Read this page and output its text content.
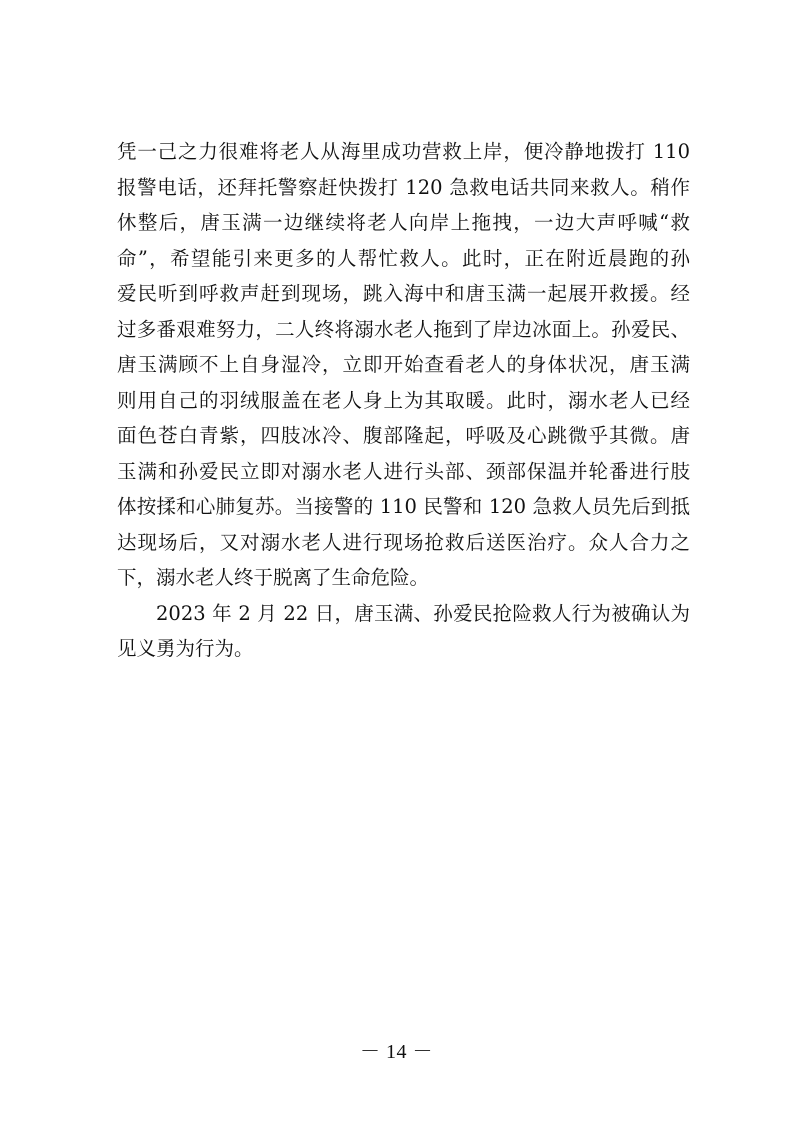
凭一己之力很难将老人从海里成功营救上岸，便冷静地拨打 110
报警电话，还拜托警察赶快拨打 120 急救电话共同来救人。稍作
休整后，唐玉满一边继续将老人向岸上拖拽，一边大声呼喊“救
命”，希望能引来更多的人帮忙救人。此时，正在附近晨跑的孙
爱民听到呼救声赶到现场，跳入海中和唐玉满一起展开救援。经
过多番艰难努力，二人终将溺水老人拖到了岸边冰面上。孙爱民、
唐玉满顾不上自身湿冷，立即开始查看老人的身体状况，唐玉满
则用自己的羽绒服盖在老人身上为其取暖。此时，溺水老人已经
面色苍白青紫，四肢冰冷、腹部隆起，呼吸及心跳微乎其微。唐
玉满和孙爱民立即对溺水老人进行头部、颈部保温并轮番进行肢
体按揉和心肺复苏。当接警的 110 民警和 120 急救人员先后到抵
达现场后，又对溺水老人进行现场抢救后送医治疗。众人合力之
下，溺水老人终于脱离了生命危险。
2023 年 2 月 22 日，唐玉满、孙爱民抢险救人行为被确认为
见义勇为行为。
－ 14 －
